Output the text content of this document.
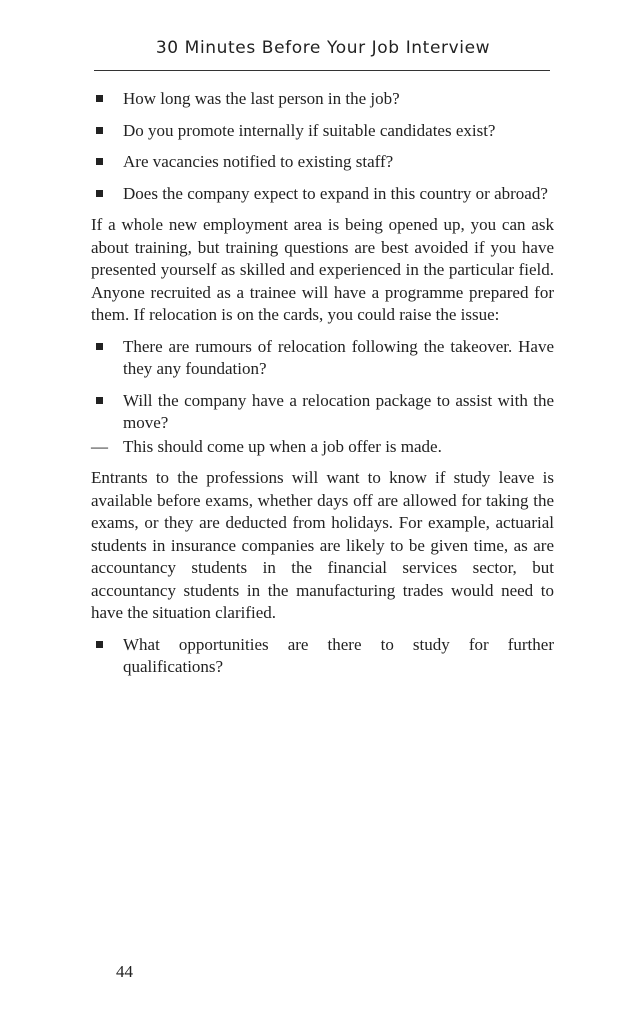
30 Minutes Before Your Job Interview
How long was the last person in the job?
Do you promote internally if suitable candidates exist?
Are vacancies notified to existing staff?
Does the company expect to expand in this country or abroad?
If a whole new employment area is being opened up, you can ask about training, but training questions are best avoided if you have presented yourself as skilled and experienced in the particular field. Anyone recruited as a trainee will have a programme prepared for them. If relocation is on the cards, you could raise the issue:
There are rumours of relocation following the takeover. Have they any foundation?
Will the company have a relocation package to assist with the move?
— This should come up when a job offer is made.
Entrants to the professions will want to know if study leave is available before exams, whether days off are allowed for taking the exams, or they are deducted from holidays. For example, actuarial students in insurance companies are likely to be given time, as are accountancy students in the financial services sector, but accountancy students in the manufacturing trades would need to have the situation clarified.
What opportunities are there to study for further qualifications?
44
